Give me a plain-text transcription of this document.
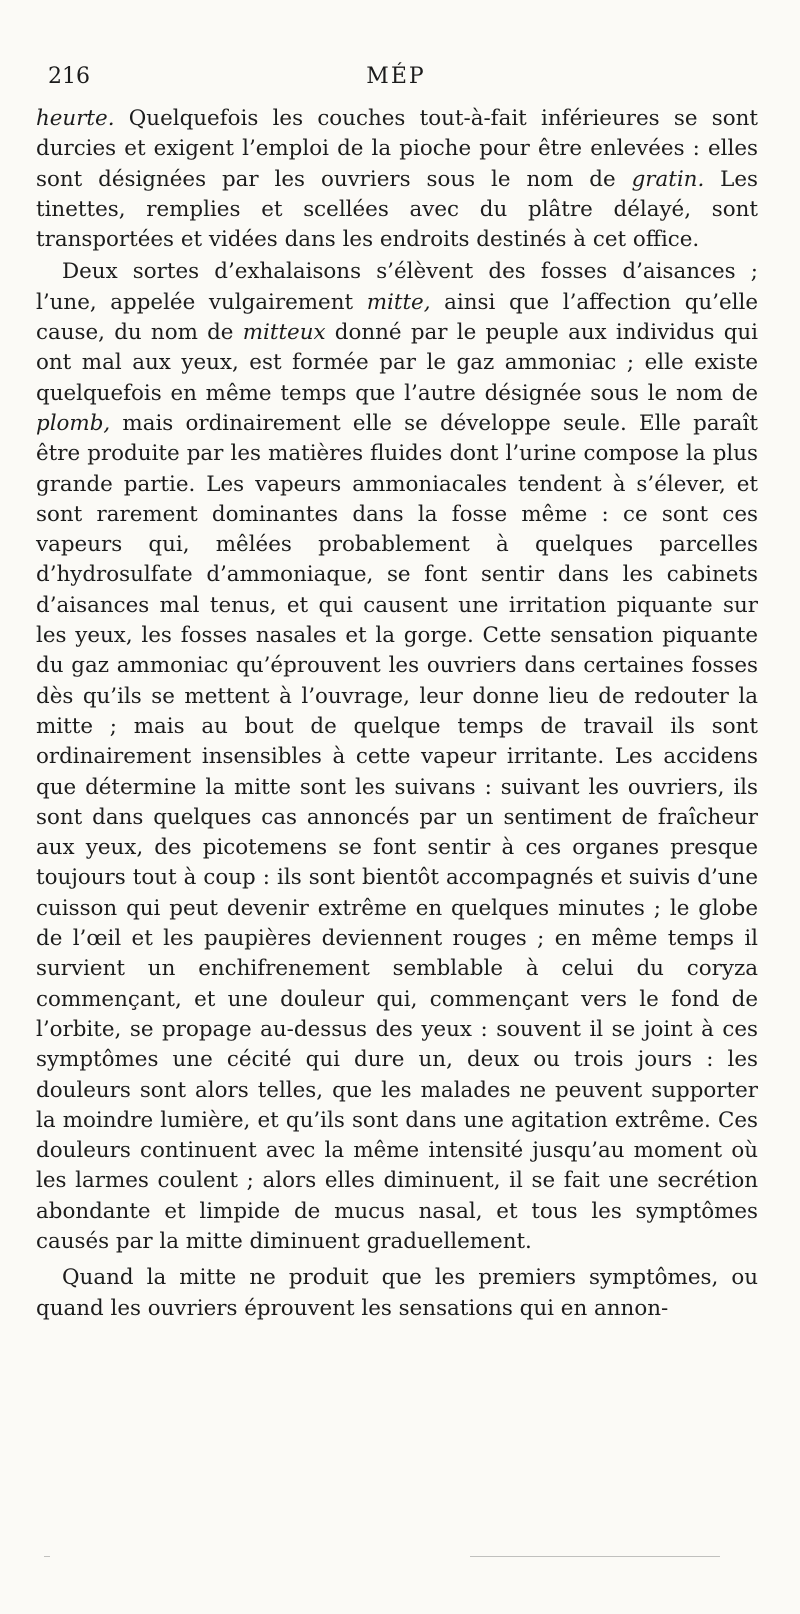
216	MÉP

heurte. Quelquefois les couches tout-à-fait inférieures se sont durcies et exigent l’emploi de la pioche pour être enlevées : elles sont désignées par les ouvriers sous le nom de gratin. Les tinettes, remplies et scellées avec du plâtre délayé, sont transportées et vidées dans les endroits destinés à cet office.

Deux sortes d’exhalaisons s’élèvent des fosses d’aisances ; l’une, appelée vulgairement mitte, ainsi que l’affection qu’elle cause, du nom de mitteux donné par le peuple aux individus qui ont mal aux yeux, est formée par le gaz ammoniac ; elle existe quelquefois en même temps que l’autre désignée sous le nom de plomb, mais ordinairement elle se développe seule. Elle paraît être produite par les matières fluides dont l’urine compose la plus grande partie. Les vapeurs ammoniacales tendent à s’élever, et sont rarement dominantes dans la fosse même : ce sont ces vapeurs qui, mêlées probablement à quelques parcelles d’hydrosulfate d’ammoniaque, se font sentir dans les cabinets d’aisances mal tenus, et qui causent une irritation piquante sur les yeux, les fosses nasales et la gorge. Cette sensation piquante du gaz ammoniac qu’éprouvent les ouvriers dans certaines fosses dès qu’ils se mettent à l’ouvrage, leur donne lieu de redouter la mitte ; mais au bout de quelque temps de travail ils sont ordinairement insensibles à cette vapeur irritante. Les accidens que détermine la mitte sont les suivans : suivant les ouvriers, ils sont dans quelques cas annoncés par un sentiment de fraîcheur aux yeux, des picotemens se font sentir à ces organes presque toujours tout à coup : ils sont bientôt accompagnés et suivis d’une cuisson qui peut devenir extrême en quelques minutes ; le globe de l’œil et les paupières deviennent rouges ; en même temps il survient un enchifrenement semblable à celui du coryza commençant, et une douleur qui, commençant vers le fond de l’orbite, se propage au-dessus des yeux : souvent il se joint à ces symptômes une cécité qui dure un, deux ou trois jours : les douleurs sont alors telles, que les malades ne peuvent supporter la moindre lumière, et qu’ils sont dans une agitation extrême. Ces douleurs continuent avec la même intensité jusqu’au moment où les larmes coulent ; alors elles diminuent, il se fait une secrétion abondante et limpide de mucus nasal, et tous les symptômes causés par la mitte diminuent graduellement.

Quand la mitte ne produit que les premiers symptômes, ou quand les ouvriers éprouvent les sensations qui en annon-
